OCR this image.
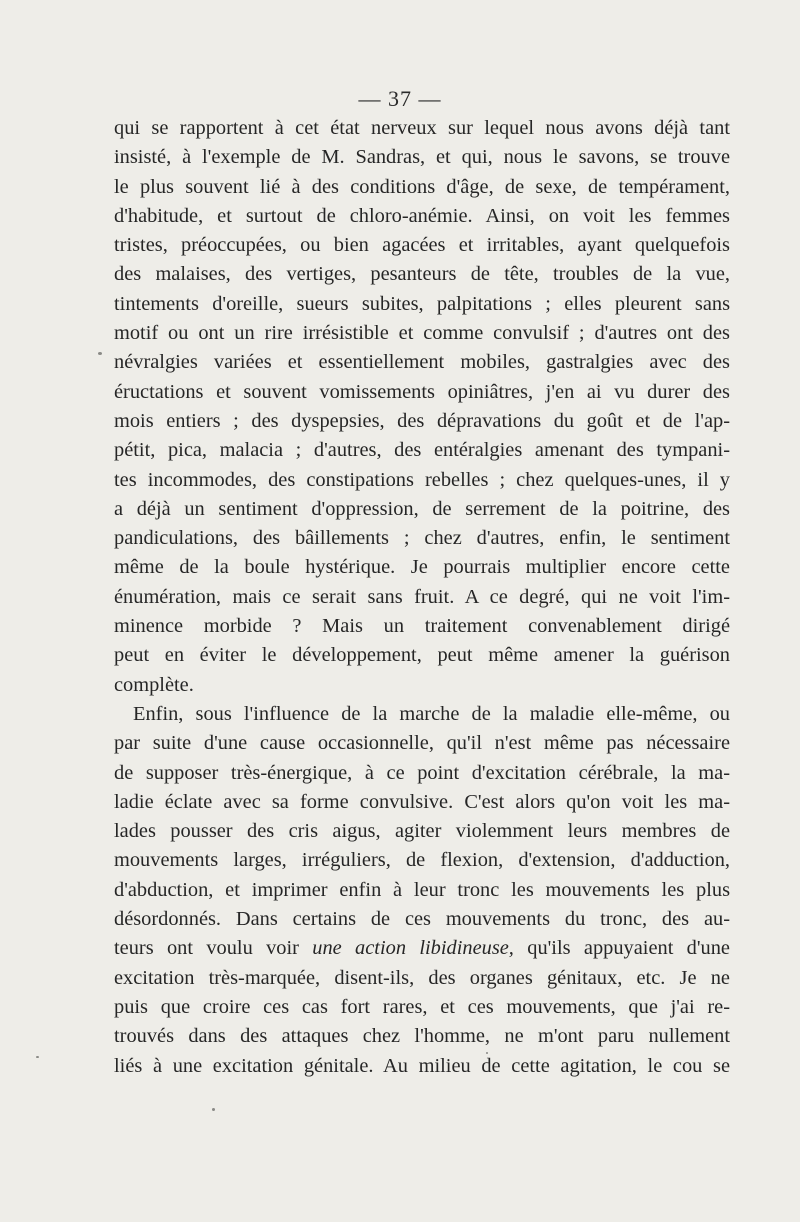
— 37 —
qui se rapportent à cet état nerveux sur lequel nous avons déjà tant
insisté, à l'exemple de M. Sandras, et qui, nous le savons, se trouve
le plus souvent lié à des conditions d'âge, de sexe, de tempérament,
d'habitude, et surtout de chloro-anémie. Ainsi, on voit les femmes
tristes, préoccupées, ou bien agacées et irritables, ayant quelquefois
des malaises, des vertiges, pesanteurs de tête, troubles de la vue,
tintements d'oreille, sueurs subites, palpitations ; elles pleurent sans
motif ou ont un rire irrésistible et comme convulsif ; d'autres ont des
névralgies variées et essentiellement mobiles, gastralgies avec des
éructations et souvent vomissements opiniâtres, j'en ai vu durer des
mois entiers ; des dyspepsies, des dépravations du goût et de l'ap-
pétit, pica, malacia ; d'autres, des entéralgies amenant des tympani-
tes incommodes, des constipations rebelles ; chez quelques-unes, il y
a déjà un sentiment d'oppression, de serrement de la poitrine, des
pandiculations, des bâillements ; chez d'autres, enfin, le sentiment
même de la boule hystérique. Je pourrais multiplier encore cette
énumération, mais ce serait sans fruit. A ce degré, qui ne voit l'im-
minence morbide ? Mais un traitement convenablement dirigé
peut en éviter le développement, peut même amener la guérison
complète.
Enfin, sous l'influence de la marche de la maladie elle-même, ou
par suite d'une cause occasionnelle, qu'il n'est même pas nécessaire
de supposer très-énergique, à ce point d'excitation cérébrale, la ma-
ladie éclate avec sa forme convulsive. C'est alors qu'on voit les ma-
lades pousser des cris aigus, agiter violemment leurs membres de
mouvements larges, irréguliers, de flexion, d'extension, d'adduction,
d'abduction, et imprimer enfin à leur tronc les mouvements les plus
désordonnés. Dans certains de ces mouvements du tronc, des au-
teurs ont voulu voir une action libidineuse, qu'ils appuyaient d'une
excitation très-marquée, disent-ils, des organes génitaux, etc. Je ne
puis que croire ces cas fort rares, et ces mouvements, que j'ai re-
trouvés dans des attaques chez l'homme, ne m'ont paru nullement
liés à une excitation génitale. Au milieu de cette agitation, le cou se
